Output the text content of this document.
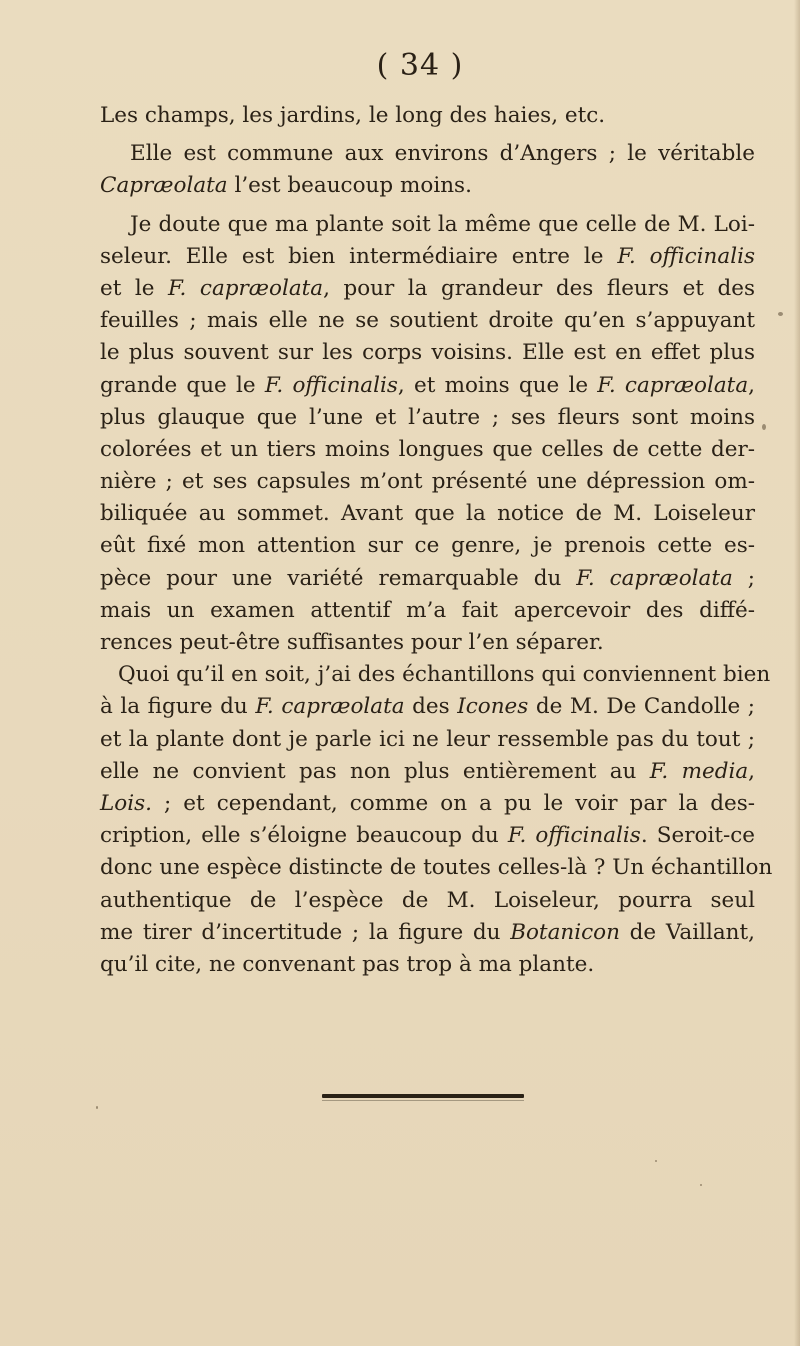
( 34 )
Les champs, les jardins, le long des haies, etc.
Elle est commune aux environs d’Angers ; le véritable
Capræolata l’est beaucoup moins.
Je doute que ma plante soit la même que celle de M. Loi-
seleur. Elle est bien intermédiaire entre le F. officinalis
et le F. capræolata, pour la grandeur des fleurs et des
feuilles ; mais elle ne se soutient droite qu’en s’appuyant
le plus souvent sur les corps voisins. Elle est en effet plus
grande que le F. officinalis, et moins que le F. capræolata,
plus glauque que l’une et l’autre ; ses fleurs sont moins
colorées et un tiers moins longues que celles de cette der-
nière ; et ses capsules m’ont présenté une dépression om-
biliquée au sommet. Avant que la notice de M. Loiseleur
eût fixé mon attention sur ce genre, je prenois cette es-
pèce pour une variété remarquable du F. capræolata ;
mais un examen attentif m’a fait apercevoir des diffé-
rences peut-être suffisantes pour l’en séparer.
Quoi qu’il en soit, j’ai des échantillons qui conviennent bien
à la figure du F. capræolata des Icones de M. De Candolle ;
et la plante dont je parle ici ne leur ressemble pas du tout ;
elle ne convient pas non plus entièrement au F. media,
Lois. ; et cependant, comme on a pu le voir par la des-
cription, elle s’éloigne beaucoup du F. officinalis. Seroit-ce
donc une espèce distincte de toutes celles-là ? Un échantillon
authentique de l’espèce de M. Loiseleur, pourra seul
me tirer d’incertitude ; la figure du Botanicon de Vaillant,
qu’il cite, ne convenant pas trop à ma plante.
